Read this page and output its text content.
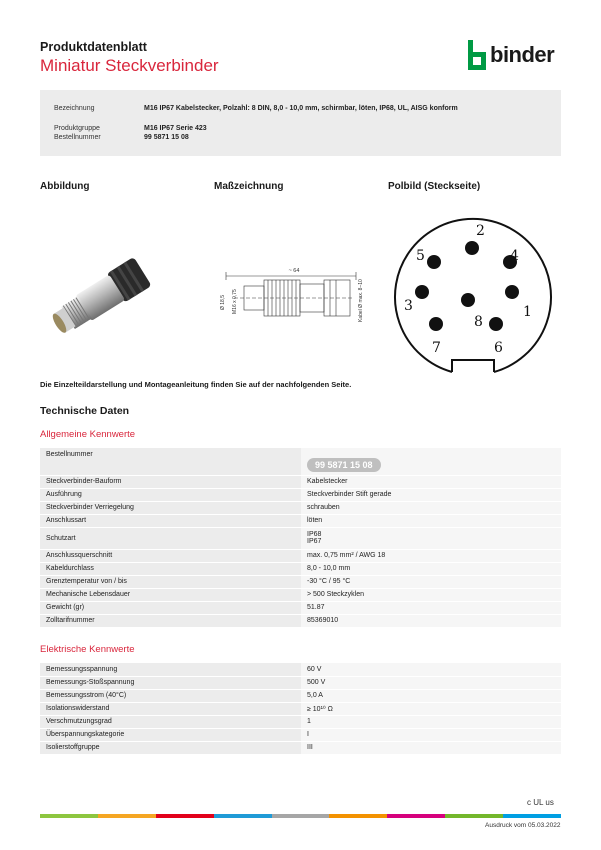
Produktdatenblatt
Miniatur Steckverbinder	binder
Bezeichnung	M16 IP67 Kabelstecker, Polzahl: 8 DIN, 8,0 - 10,0 mm, schirmbar, löten, IP68, UL, AISG konform
Produktgruppe	M16 IP67 Serie 423
Bestellnummer	99 5871 15 08
Abbildung	Maßzeichnung	Polbild (Steckseite)
~ 64
Ø 18,5 M16 x 0,75	Kabel Ø max. 8–10	1
2
3
4
5
6
7
8
Die Einzelteildarstellung und Montageanleitung finden Sie auf der nachfolgenden Seite.
Technische Daten
Allgemeine Kennwerte
Bestellnummer	99 5871 15 08
Steckverbinder-Bauform	Kabelstecker
Ausführung	Steckverbinder Stift gerade
Steckverbinder Verriegelung	schrauben
Anschlussart	löten
Schutzart	IP68
IP67

Anschlussquerschnitt	max. 0,75 mm² / AWG 18
Kabeldurchlass	8,0 - 10,0 mm
Grenztemperatur von / bis	-30 °C / 95 °C
Mechanische Lebensdauer	> 500 Steckzyklen
Gewicht (gr)	51.87
Zolltarifnummer	85369010
Elektrische Kennwerte
Bemessungsspannung	60 V
Bemessungs-Stoßspannung	500 V
Bemessungsstrom (40°C)	5,0 A
Isolationswiderstand	≥ 10¹⁰ Ω
Verschmutzungsgrad	1
Überspannungskategorie	I
Isolierstoffgruppe	III
c UL us
Ausdruck vom 05.03.2022
